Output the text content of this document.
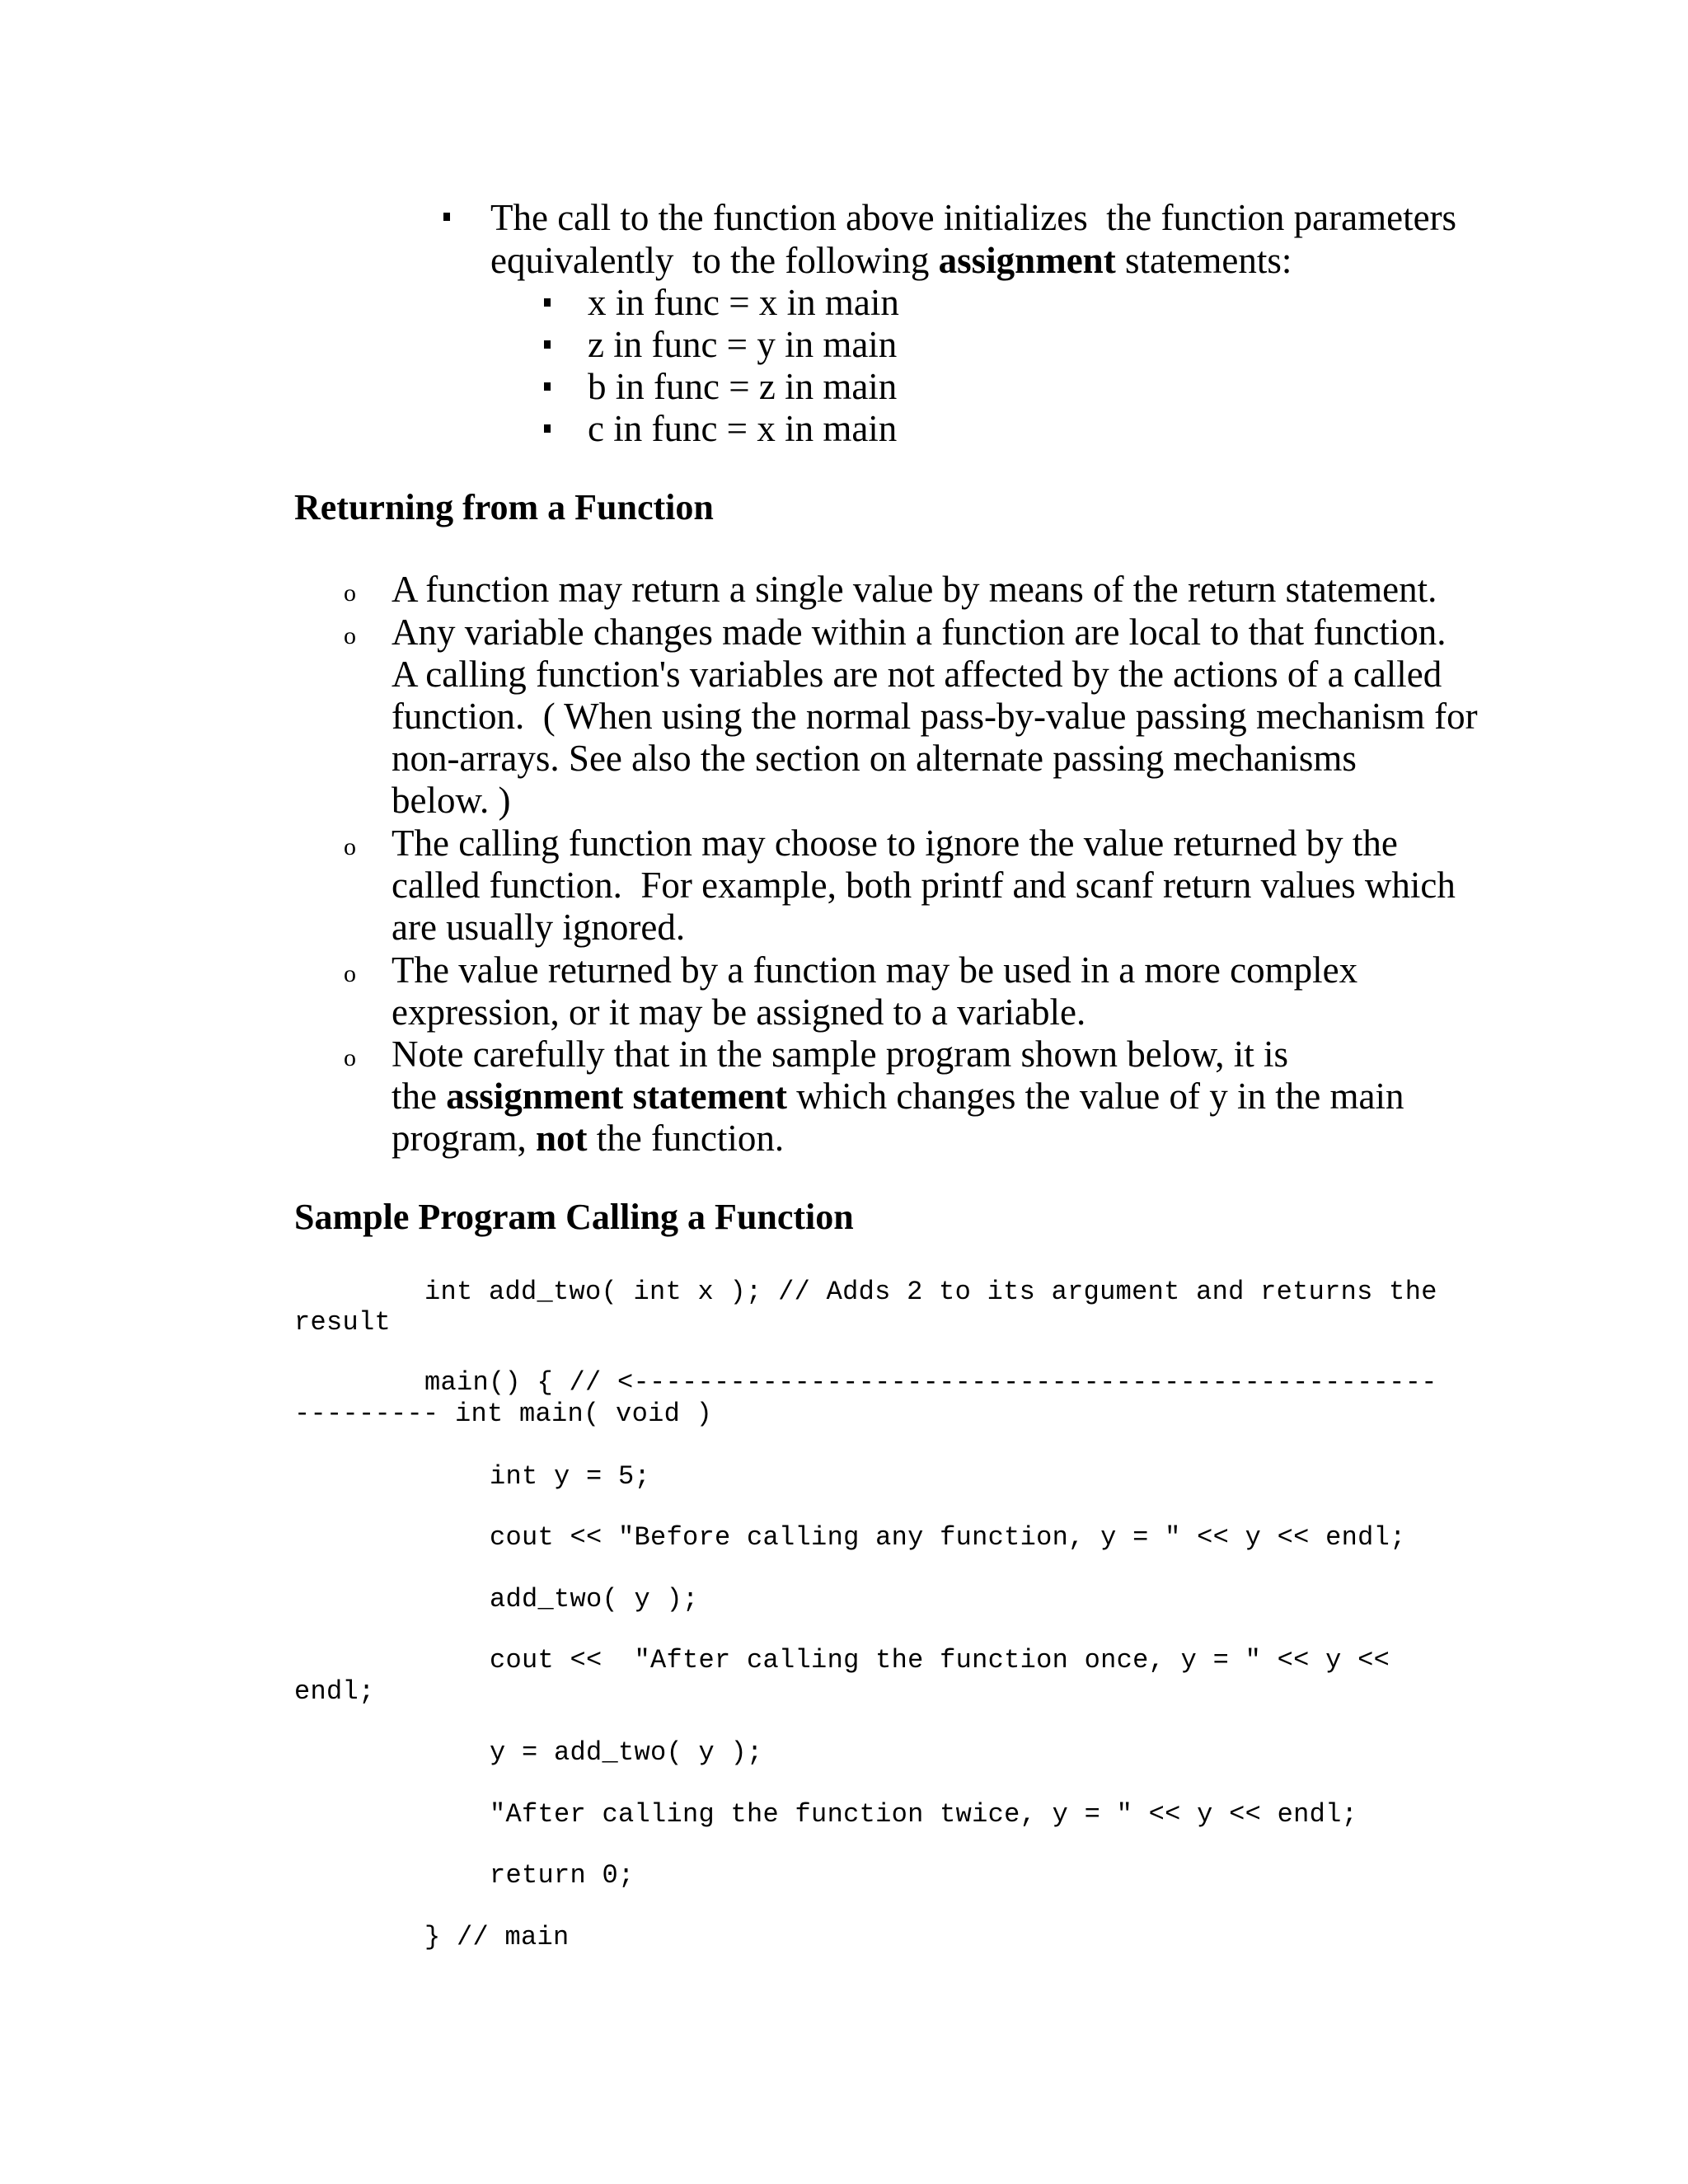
The call to the function above initializes  the function parameters
equivalently  to the following assignment statements:
x in func = x in main
z in func = y in main
b in func = z in main
c in func = x in main
Returning from a Function
o A function may return a single value by means of the return statement.
o Any variable changes made within a function are local to that function.
A calling function's variables are not affected by the actions of a called
function.  ( When using the normal pass-by-value passing mechanism for
non-arrays. See also the section on alternate passing mechanisms
below. )
o The calling function may choose to ignore the value returned by the
called function.  For example, both printf and scanf return values which
are usually ignored.
o The value returned by a function may be used in a more complex
expression, or it may be assigned to a variable.
o Note carefully that in the sample program shown below, it is
the assignment statement which changes the value of y in the main
program, not the function.
Sample Program Calling a Function
int add_two( int x ); // Adds 2 to its argument and returns the
result
main() { // <--------------------------------------------------
--------- int main( void )
int y = 5;
cout << "Before calling any function, y = " << y << endl;
add_two( y );
cout <<  "After calling the function once, y = " << y <<
endl;
y = add_two( y );
"After calling the function twice, y = " << y << endl;
return 0;
} // main
